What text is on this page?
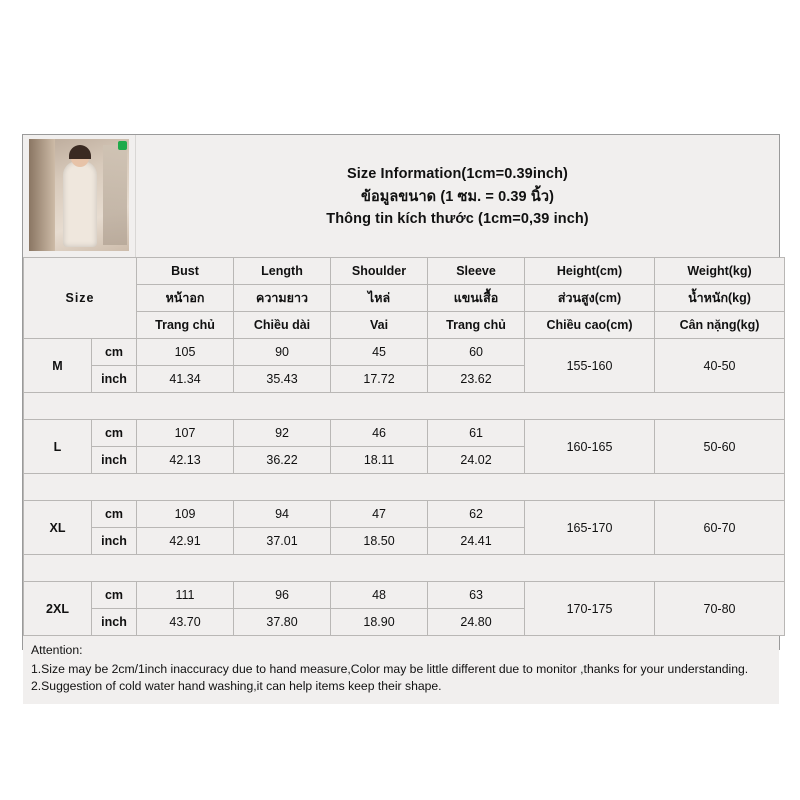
Size Information(1cm=0.39inch)
ข้อมูลขนาด (1 ซม. = 0.39 นิ้ว)
Thông tin kích thước (1cm=0,39 inch)
Size		Bust	Length	Shoulder	Sleeve	Height(cm)	Weight(kg)
		หน้าอก	ความยาว	ไหล่	แขนเสื้อ	ส่วนสูง(cm)	น้ำหนัก(kg)
		Trang chủ	Chiều dài	Vai	Trang chủ	Chiều cao(cm)	Cân nặng(kg)
M	cm	105	90	45	60	155-160	40-50
	inch	41.34	35.43	17.72	23.62		

L	cm	107	92	46	61	160-165	50-60
	inch	42.13	36.22	18.11	24.02		

XL	cm	109	94	47	62	165-170	60-70
	inch	42.91	37.01	18.50	24.41		

2XL	cm	111	96	48	63	170-175	70-80
	inch	43.70	37.80	18.90	24.80		
Attention:
1.Size may be 2cm/1inch inaccuracy due to hand measure,Color may be little different due to monitor ,thanks for your understanding.
2.Suggestion of cold water hand washing,it can help items keep their shape.
